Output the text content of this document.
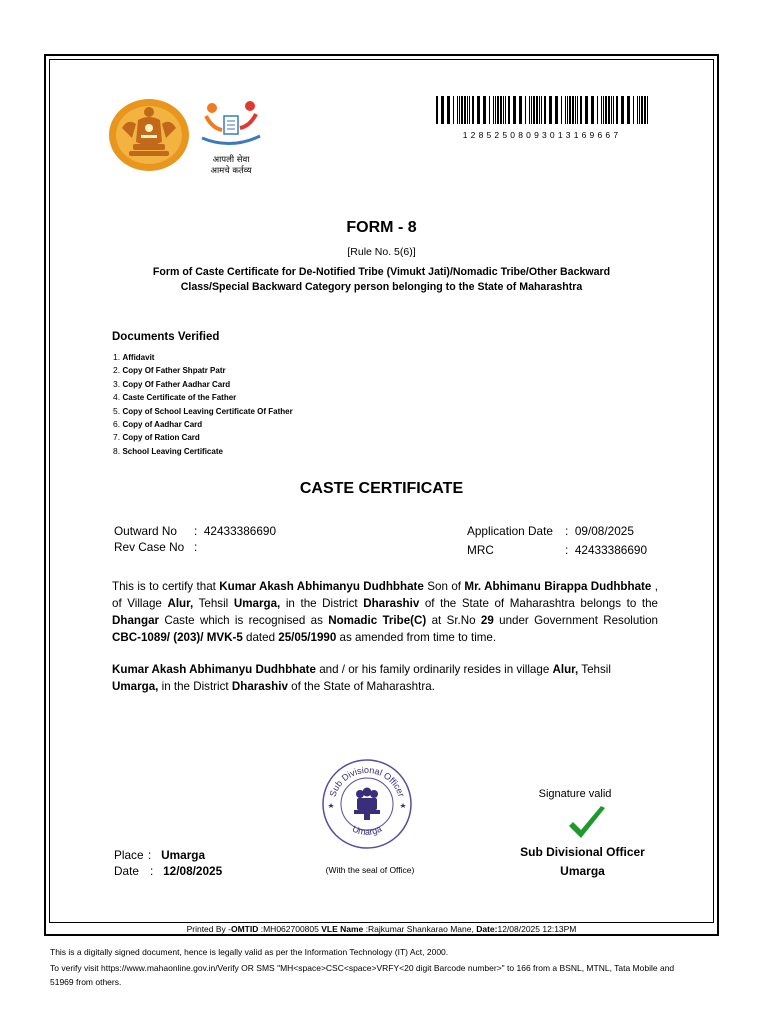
आपली सेवा
आमचे कर्तव्य
12852508093013169667
FORM - 8
[Rule No. 5(6)]
Form of Caste Certificate for De-Notified Tribe (Vimukt Jati)/Nomadic Tribe/Other Backward
Class/Special Backward Category person belonging to the State of Maharashtra
Documents Verified
1. Affidavit
2. Copy Of Father Shpatr Patr
3. Copy Of Father Aadhar Card
4. Caste Certificate of the Father
5. Copy of School Leaving Certificate Of Father
6. Copy of Aadhar Card
7. Copy of Ration Card
8. School Leaving Certificate
CASTE CERTIFICATE
Outward No : 42433386690
Rev Case No :
Application Date : 09/08/2025
MRC	: 42433386690
This is to certify that Kumar Akash Abhimanyu Dudhbhate Son of Mr. Abhimanu Birappa Dudhbhate , of Village Alur, Tehsil Umarga, in the District Dharashiv of the State of Maharashtra belongs to the Dhangar Caste which is recognised as Nomadic Tribe(C) at Sr.No 29 under Government Resolution CBC-1089/ (203)/ MVK-5 dated 25/05/1990 as amended from time to time.
Kumar Akash Abhimanyu Dudhbhate and / or his family ordinarily resides in village Alur, Tehsil Umarga, in the District Dharashiv of the State of Maharashtra.
Sub Divisional Officer
Umarga
(With the seal of Office)
Signature valid
Sub Divisional Officer
Umarga
Place : Umarga
Date : 12/08/2025
Printed By -OMTID :MH062700805 VLE Name :Rajkumar Shankarao Mane, Date:12/08/2025 12:13PM
This is a digitally signed document, hence is legally valid as per the Information Technology (IT) Act, 2000.
To verify visit https://www.mahaonline.gov.in/Verify OR SMS "MH<space>CSC<space>VRFY<20 digit Barcode number>" to 166 from a BSNL, MTNL, Tata Mobile and
51969 from others.
